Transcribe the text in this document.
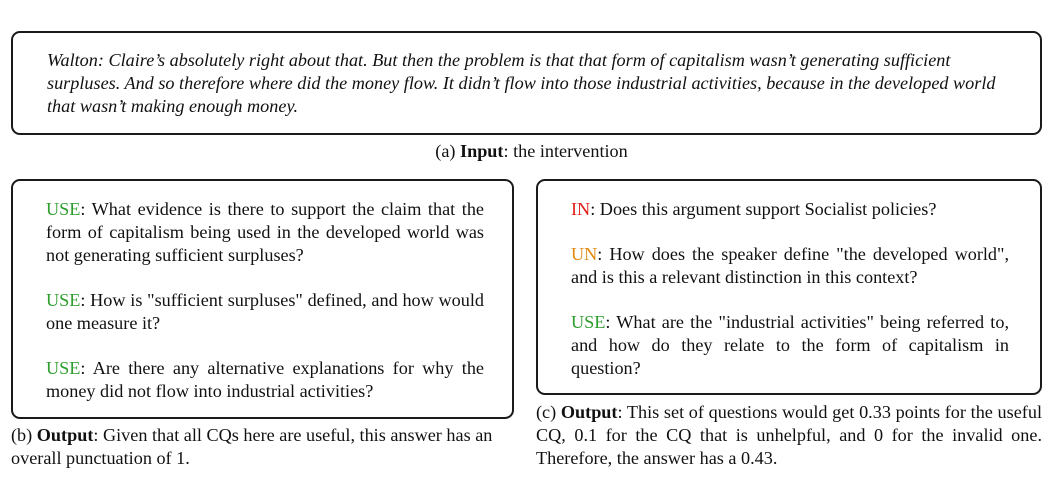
Walton: Claire’s absolutely right about that. But then the problem is that that form of capitalism wasn’t generating sufficient surpluses. And so therefore where did the money flow. It didn’t flow into those industrial activities, because in the developed world that wasn’t making enough money.
(a) Input: the intervention
USE: What evidence is there to support the claim that the form of capitalism being used in the developed world was not generating sufficient surpluses?
USE: How is "sufficient surpluses" defined, and how would one measure it?
USE: Are there any alternative explanations for why the money did not flow into industrial activities?
(b) Output: Given that all CQs here are useful, this answer has an overall punctuation of 1.
IN: Does this argument support Socialist policies?
UN: How does the speaker define "the developed world", and is this a relevant distinction in this context?
USE: What are the "industrial activities" being referred to, and how do they relate to the form of capitalism in question?
(c) Output: This set of questions would get 0.33 points for the useful CQ, 0.1 for the CQ that is unhelpful, and 0 for the invalid one. Therefore, the answer has a 0.43.
